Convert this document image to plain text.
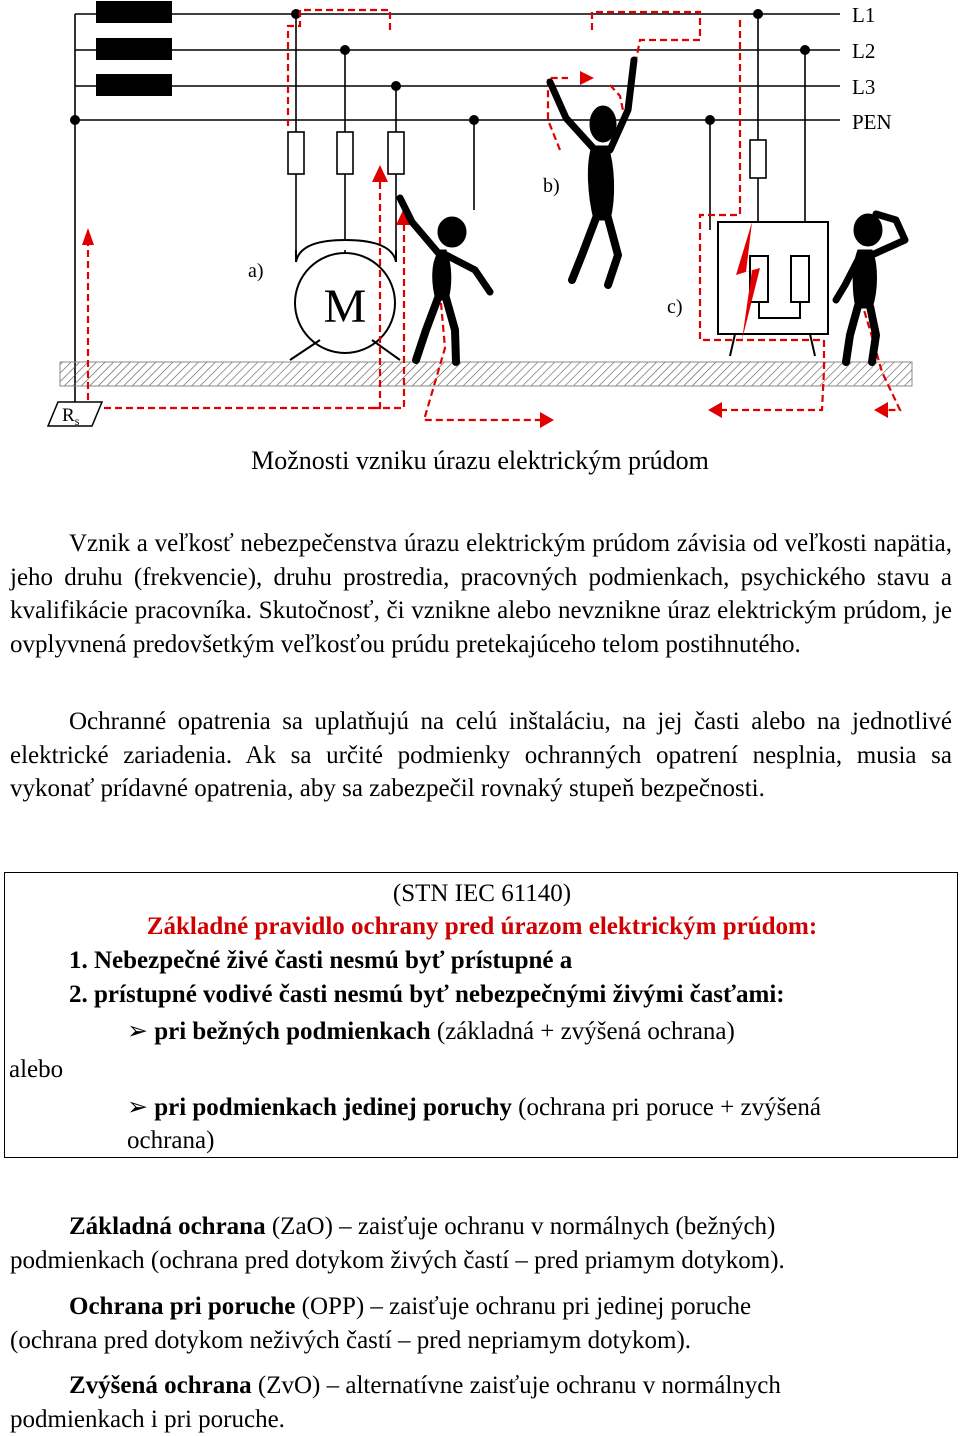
L1
L2
L3
PEN
M
$R_s$
a)
b)
c)
Možnosti vzniku úrazu elektrickým prúdom

Vznik a veľkosť nebezpečenstva úrazu elektrickým prúdom závisia od veľkosti napätia, jeho druhu (frekvencie), druhu prostredia, pracovných podmienkach, psychického stavu a kvalifikácie pracovníka. Skutočnosť, či vznikne alebo nevznikne úraz elektrickým prúdom, je ovplyvnená predovšetkým veľkosťou prúdu pretekajúceho telom postihnutého.

Ochranné opatrenia sa uplatňujú na celú inštaláciu, na jej časti alebo na jednotlivé elektrické zariadenia. Ak sa určité podmienky ochranných opatrení nesplnia, musia sa vykonať prídavné opatrenia, aby sa zabezpečil rovnaký stupeň bezpečnosti.

(STN IEC 61140)
Základné pravidlo ochrany pred úrazom elektrickým prúdom:
1. Nebezpečné živé časti nesmú byť prístupné a
2. prístupné vodivé časti nesmú byť nebezpečnými živými časťami:
➢ pri bežných podmienkach (základná + zvýšená ochrana)
alebo
➢ pri podmienkach jedinej poruchy (ochrana pri poruce + zvýšená
ochrana)
Základná ochrana (ZaO) – zaisťuje ochranu v normálnych (bežných)
podmienkach (ochrana pred dotykom živých častí – pred priamym dotykom).
Ochrana pri poruche (OPP) – zaisťuje ochranu pri jedinej poruche
(ochrana pred dotykom neživých častí – pred nepriamym dotykom).
Zvýšená ochrana (ZvO) – alternatívne zaisťuje ochranu v normálnych
podmienkach i pri poruche.
